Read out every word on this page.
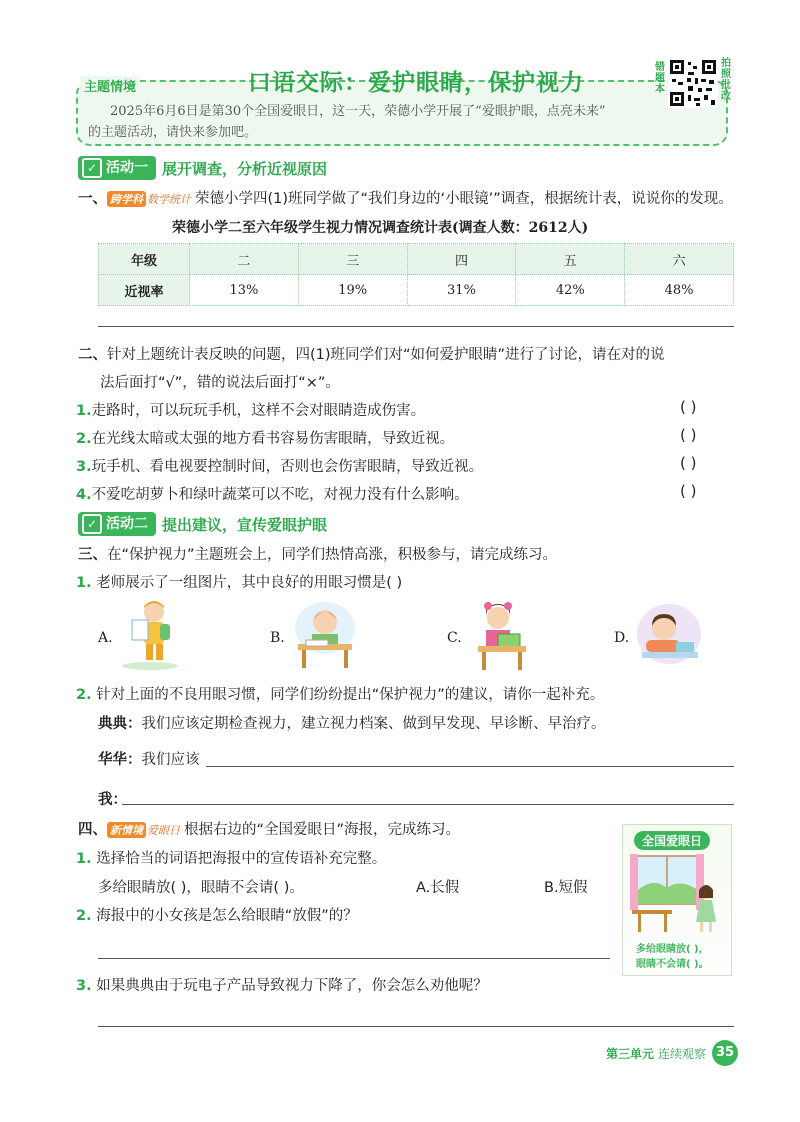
主题情境	口语交际：爱护眼睛，保护视力
2025年6月6日是第30个全国爱眼日，这一天，荣德小学开展了“爱眼护眼，点亮未来”
的主题活动，请快来参加吧。
错题本
拍照批改
✓ 活动一 展开调查，分析近视原因
一、 跨学科 数学统计 荣德小学四(1)班同学做了“我们身边的‘小眼镜’”调查，根据统计表，说说你的发现。
荣德小学二至六年级学生视力情况调查统计表(调查人数：2612人)
年级	二	三	四	五	六
近视率	13%	19%	31%	42%	48%
二、针对上题统计表反映的问题，四(1)班同学们对“如何爱护眼睛”进行了讨论，请在对的说
法后面打“√”，错的说法后面打“×”。
1.走路时，可以玩玩手机，这样不会对眼睛造成伤害。	( )
2.在光线太暗或太强的地方看书容易伤害眼睛，导致近视。	( )
3.玩手机、看电视要控制时间，否则也会伤害眼睛，导致近视。	( )
4.不爱吃胡萝卜和绿叶蔬菜可以不吃，对视力没有什么影响。	( )
✓ 活动二 提出建议，宣传爱眼护眼
三、在“保护视力”主题班会上，同学们热情高涨，积极参与，请完成练习。
1. 老师展示了一组图片，其中良好的用眼习惯是( )
A.	B.	C.	D.
2. 针对上面的不良用眼习惯，同学们纷纷提出“保护视力”的建议，请你一起补充。
典典：我们应该定期检查视力，建立视力档案、做到早发现、早诊断、早治疗。
华华：我们应该
我：
四、 新情境 爱眼日 根据右边的“全国爱眼日”海报，完成练习。
1. 选择恰当的词语把海报中的宣传语补充完整。
多给眼睛放( )，眼睛不会请( )。	A.长假	B.短假
2. 海报中的小女孩是怎么给眼睛“放假”的？
3. 如果典典由于玩电子产品导致视力下降了，你会怎么劝他呢？
全国爱眼日
多给眼睛放( )，
眼睛不会请( )。
第三单元 连续观察 35
